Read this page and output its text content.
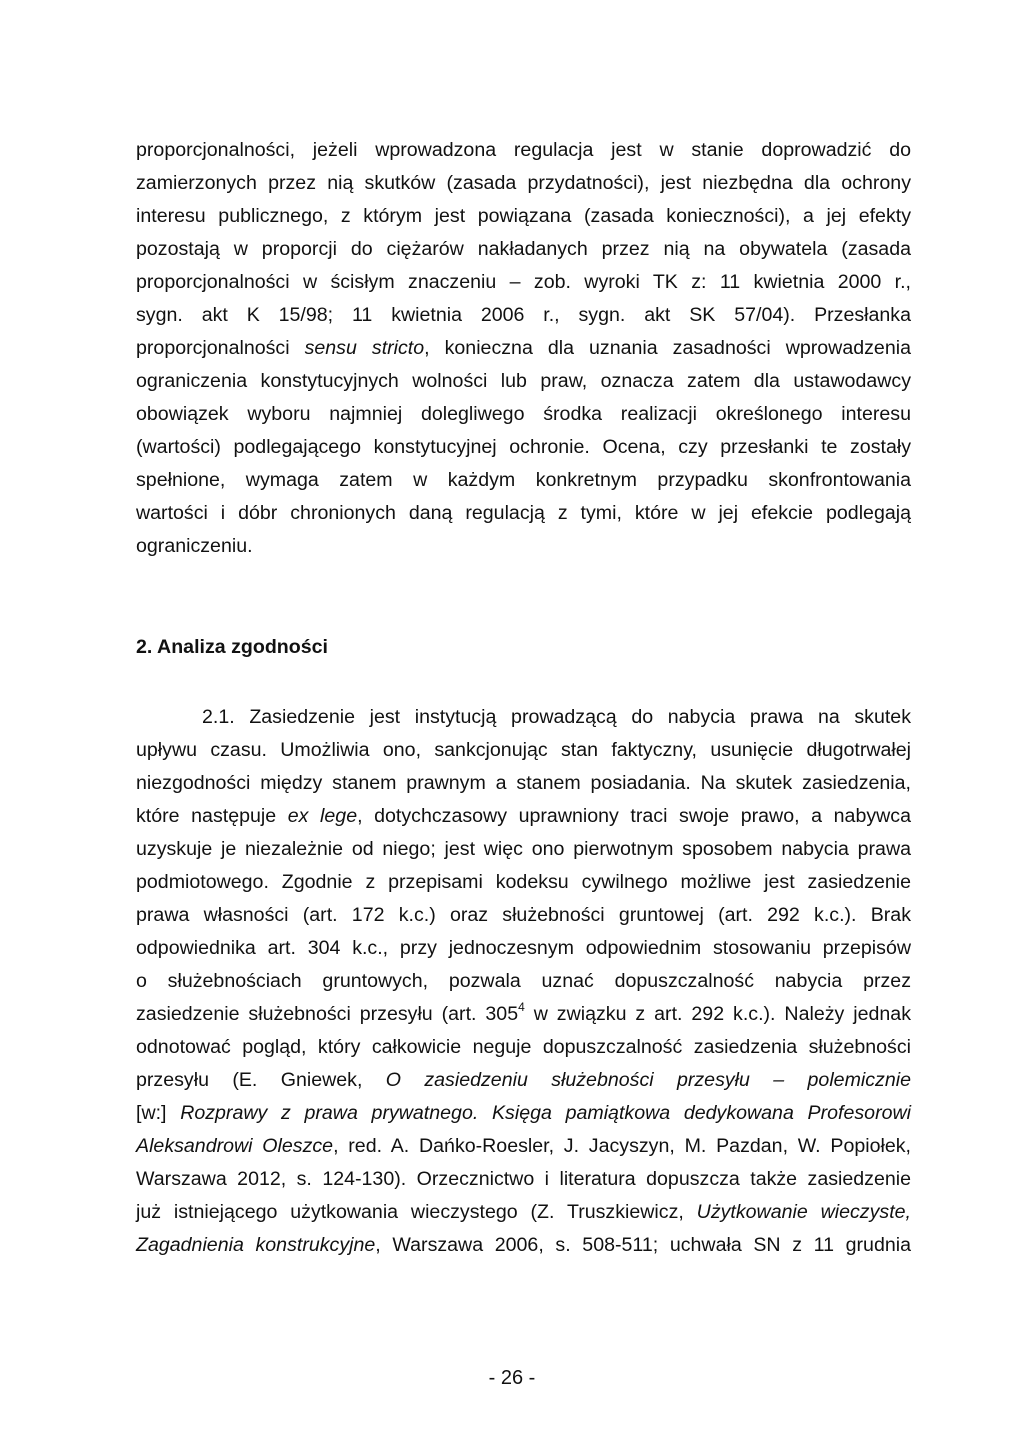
proporcjonalności, jeżeli wprowadzona regulacja jest w stanie doprowadzić do
zamierzonych przez nią skutków (zasada przydatności), jest niezbędna dla ochrony
interesu publicznego, z którym jest powiązana (zasada konieczności), a jej efekty
pozostają w proporcji do ciężarów nakładanych przez nią na obywatela (zasada
proporcjonalności w ścisłym znaczeniu – zob. wyroki TK z: 11 kwietnia 2000 r.,
sygn. akt K 15/98; 11 kwietnia 2006 r., sygn. akt SK 57/04). Przesłanka
proporcjonalności sensu stricto, konieczna dla uznania zasadności wprowadzenia
ograniczenia konstytucyjnych wolności lub praw, oznacza zatem dla ustawodawcy
obowiązek wyboru najmniej dolegliwego środka realizacji określonego interesu
(wartości) podlegającego konstytucyjnej ochronie. Ocena, czy przesłanki te zostały
spełnione, wymaga zatem w każdym konkretnym przypadku skonfrontowania
wartości i dóbr chronionych daną regulacją z tymi, które w jej efekcie podlegają
ograniczeniu.
2. Analiza zgodności
2.1. Zasiedzenie jest instytucją prowadzącą do nabycia prawa na skutek
upływu czasu. Umożliwia ono, sankcjonując stan faktyczny, usunięcie długotrwałej
niezgodności między stanem prawnym a stanem posiadania. Na skutek zasiedzenia,
które następuje ex lege, dotychczasowy uprawniony traci swoje prawo, a nabywca
uzyskuje je niezależnie od niego; jest więc ono pierwotnym sposobem nabycia prawa
podmiotowego. Zgodnie z przepisami kodeksu cywilnego możliwe jest zasiedzenie
prawa własności (art. 172 k.c.) oraz służebności gruntowej (art. 292 k.c.). Brak
odpowiednika art. 304 k.c., przy jednoczesnym odpowiednim stosowaniu przepisów
o służebnościach gruntowych, pozwala uznać dopuszczalność nabycia przez
zasiedzenie służebności przesyłu (art. $305^4$ w związku z art. 292 k.c.). Należy jednak
odnotować pogląd, który całkowicie neguje dopuszczalność zasiedzenia służebności
przesyłu (E. Gniewek, O zasiedzeniu służebności przesyłu – polemicznie
[w:] Rozprawy z prawa prywatnego. Księga pamiątkowa dedykowana Profesorowi
Aleksandrowi Oleszce, red. A. Dańko-Roesler, J. Jacyszyn, M. Pazdan, W. Popiołek,
Warszawa 2012, s. 124-130). Orzecznictwo i literatura dopuszcza także zasiedzenie
już istniejącego użytkowania wieczystego (Z. Truszkiewicz, Użytkowanie wieczyste,
Zagadnienia konstrukcyjne, Warszawa 2006, s. 508-511; uchwała SN z 11 grudnia
- 26 -
